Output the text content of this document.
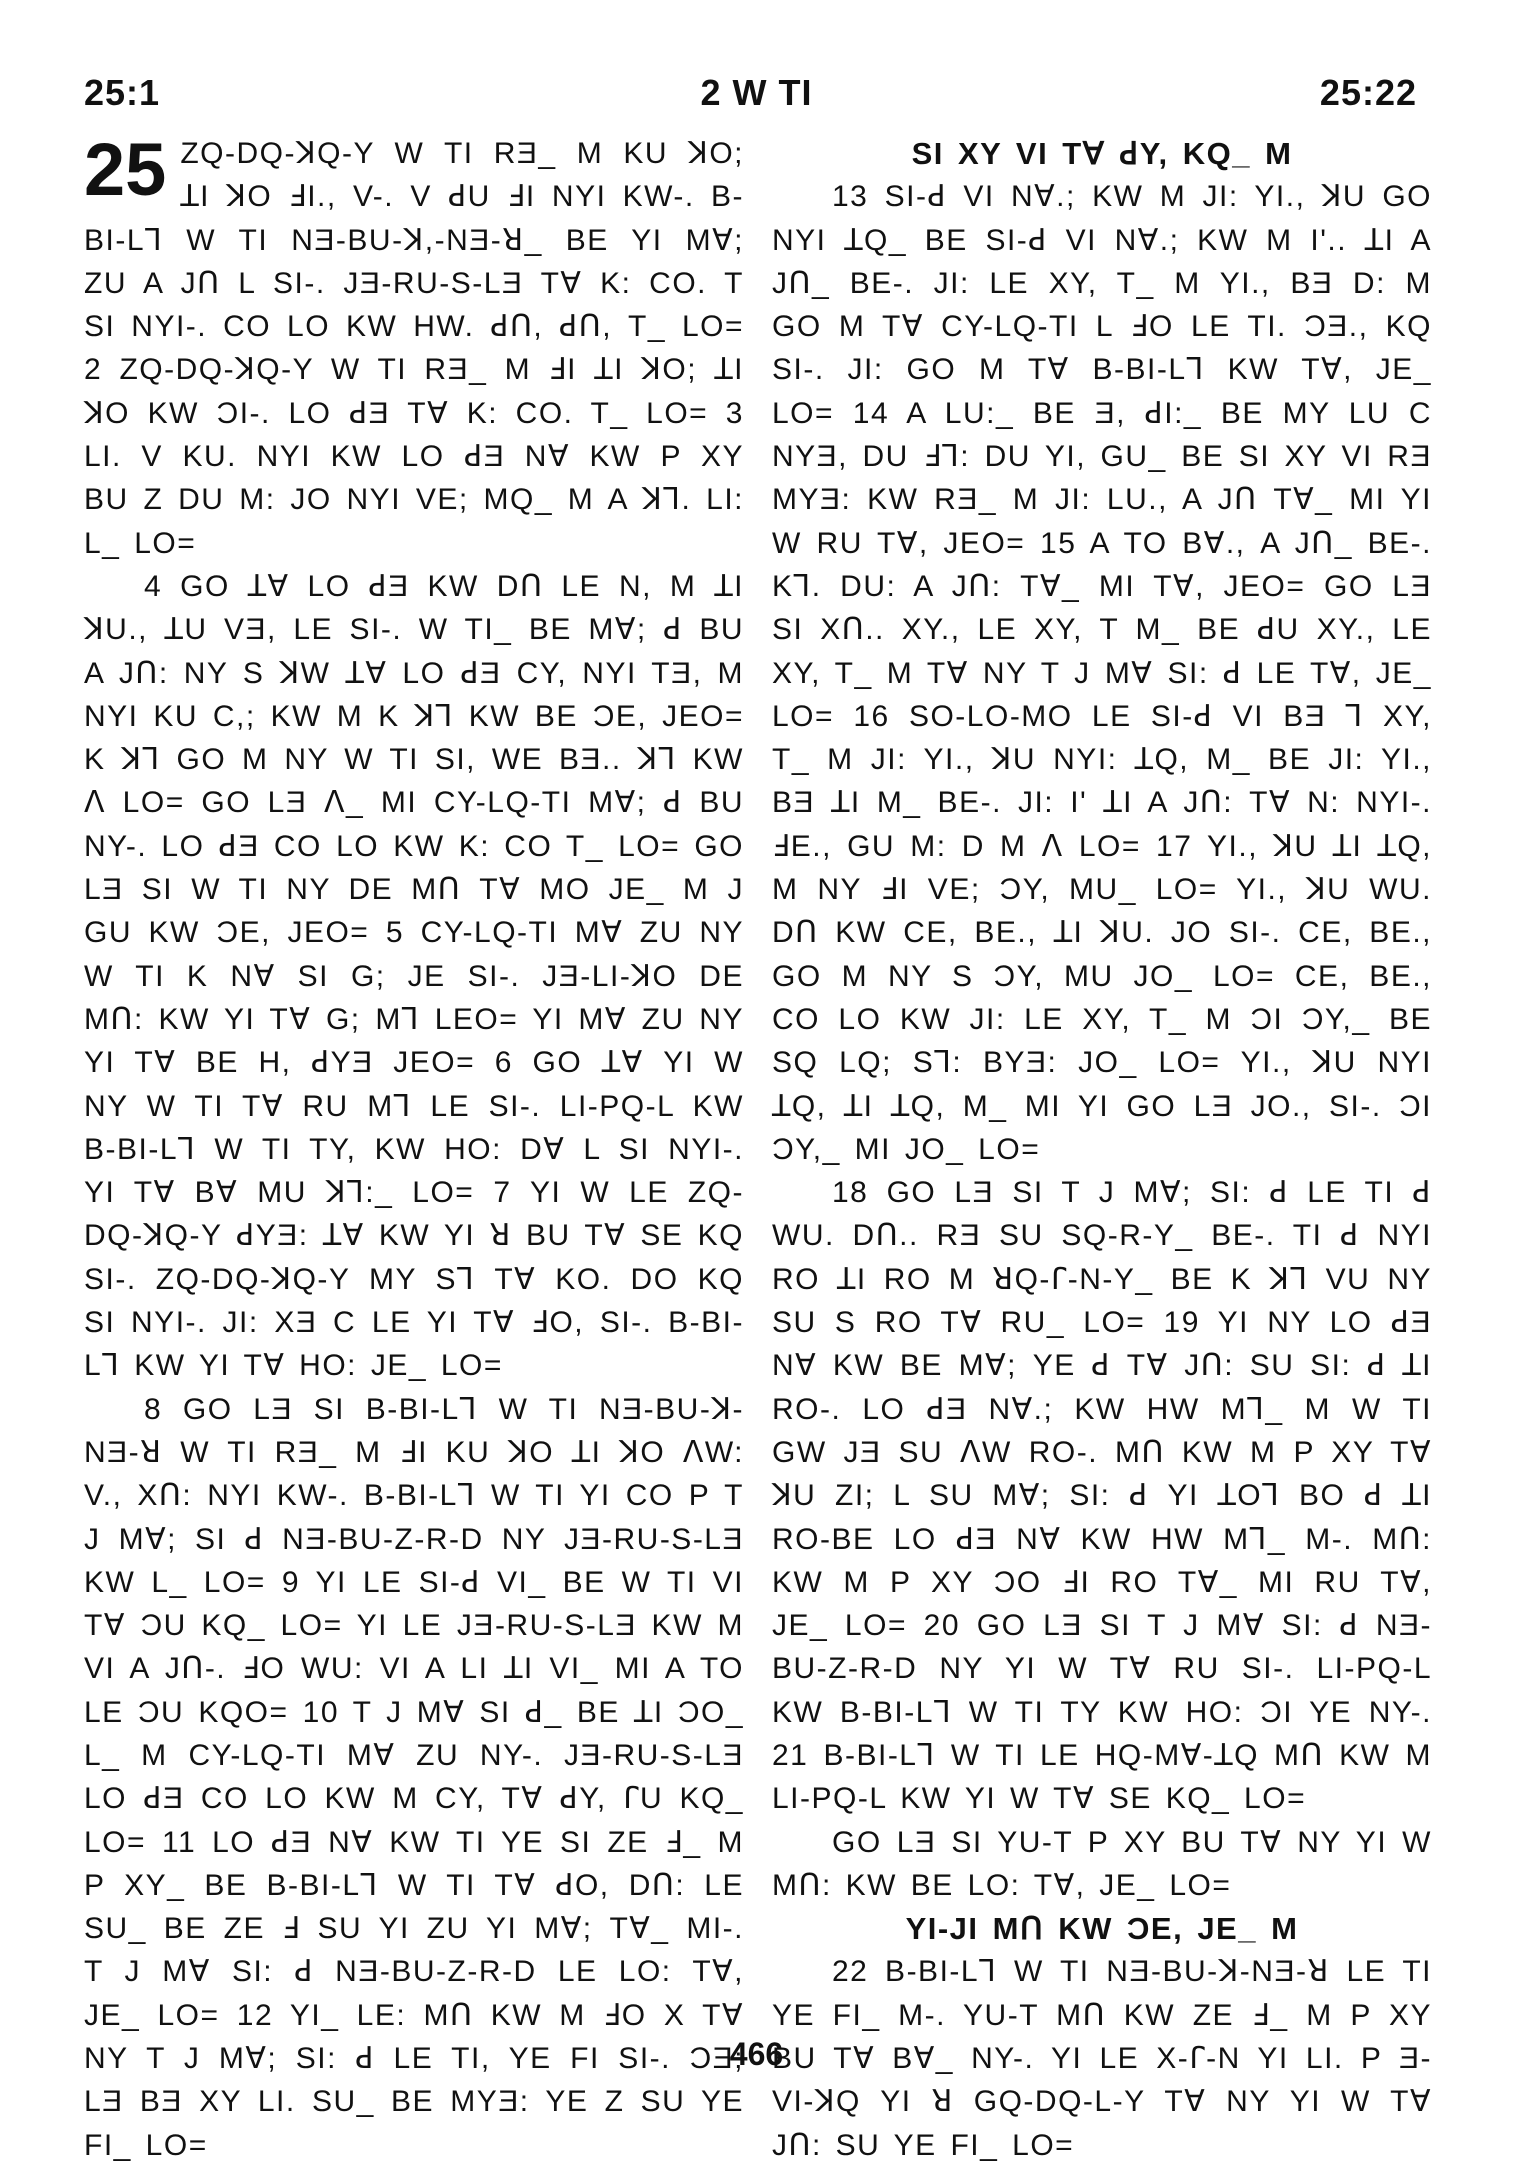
25:1	2 W TI	25:22

25 ZQ-DQ-ꓘQ-Y W TI RƎ_ M KU ꓘO; ꓕI ꓘO ꓞI., V-. V ꓒU ꓞI NYI KW-. B-BI-Lꓶ W TI NƎ-BU-ꓘ,-NƎ-ꓤ_ BE YI Mꓯ; ZU A Jꓵ L SI-. JƎ-RU-S-LƎ Tꓯ K: CO. T SI NYI-. CO LO KW HW. ꓒꓵ, ꓒꓵ, T_ LO= 2 ZQ-DQ-ꓘQ-Y W TI RƎ_ M ꓞI ꓕI ꓘO; ꓕI ꓘO KW ƆI-. LO ꓒƎ Tꓯ K: CO. T_ LO= 3 LI. V KU. NYI KW LO ꓒƎ Nꓯ KW P XY BU Z DU M: JO NYI VE; MQ_ M A ꓘꓶ. LI: L_ LO=

4 GO ꓕꓯ LO ꓒƎ KW Dꓵ LE N, M ꓕI ꓘU., ꓕU VƎ, LE SI-. W TI_ BE Mꓯ; ꓒ BU A Jꓵ: NY S ꓘW ꓕꓯ LO ꓒƎ CY, NYI TƎ, M NYI KU C,; KW M K ꓘꓶ KW BE ƆE, JEO= K ꓘꓶ GO M NY W TI SI, WE BƎ.. ꓘꓶ KW ꓥ LO= GO LƎ ꓥ_ MI CY-LQ-TI Mꓯ; ꓒ BU NY-. LO ꓒƎ CO LO KW K: CO T_ LO= GO LƎ SI W TI NY DE Mꓵ Tꓯ MO JE_ M J GU KW ƆE, JEO= 5 CY-LQ-TI Mꓯ ZU NY W TI K Nꓯ SI G; JE SI-. JƎ-LI-ꓘO DE Mꓵ: KW YI Tꓯ G; Mꓶ LEO= YI Mꓯ ZU NY YI Tꓯ BE H, ꓒYƎ JEO= 6 GO ꓕꓯ YI W NY W TI Tꓯ RU Mꓶ LE SI-. LI-PQ-L KW B-BI-Lꓶ W TI TY, KW HO: Dꓯ L SI NYI-. YI Tꓯ Bꓯ MU ꓘꓶ:_ LO= 7 YI W LE ZQ-DQ-ꓘQ-Y ꓒYƎ: ꓕꓯ KW YI ꓤ BU Tꓯ SE KQ SI-. ZQ-DQ-ꓘQ-Y MY Sꓶ Tꓯ KO. DO KQ SI NYI-. JI: XƎ C LE YI Tꓯ ꓞO, SI-. B-BI-Lꓶ KW YI Tꓯ HO: JE_ LO=

8 GO LƎ SI B-BI-Lꓶ W TI NƎ-BU-ꓘ-NƎ-ꓤ W TI RƎ_ M ꓞI KU ꓘO ꓕI ꓘO ꓥW: V., Xꓵ: NYI KW-. B-BI-Lꓶ W TI YI CO P T J Mꓯ; SI ꓒ NƎ-BU-Z-R-D NY JƎ-RU-S-LƎ KW L_ LO= 9 YI LE SI-ꓒ VI_ BE W TI VI Tꓯ ƆU KQ_ LO= YI LE JƎ-RU-S-LƎ KW M VI A Jꓵ-. ꓞO WU: VI A LI ꓕI VI_ MI A TO LE ƆU KQO= 10 T J Mꓯ SI ꓒ_ BE ꓕI ƆO_ L_ M CY-LQ-TI Mꓯ ZU NY-. JƎ-RU-S-LƎ LO ꓒƎ CO LO KW M CY, Tꓯ ꓒY, ꓩU KQ_ LO= 11 LO ꓒƎ Nꓯ KW TI YE SI ZE ꓞ_ M P XY_ BE B-BI-Lꓶ W TI Tꓯ ꓒO, Dꓵ: LE SU_ BE ZE ꓞ SU YI ZU YI Mꓯ; Tꓯ_ MI-. T J Mꓯ SI: ꓒ NƎ-BU-Z-R-D LE LO: Tꓯ, JE_ LO= 12 YI_ LE: Mꓵ KW M ꓞO X Tꓯ NY T J Mꓯ; SI: ꓒ LE TI, YE FI SI-. ƆƎ; LƎ BƎ XY LI. SU_ BE MYƎ: YE Z SU YE FI_ LO=

SI XY VI Tꓯ ꓒY, KQ_ M

13 SI-ꓒ VI Nꓯ.; KW M JI: YI., ꓘU GO NYI ꓕQ_ BE SI-ꓒ VI Nꓯ.; KW M I'.. ꓕI A Jꓵ_ BE-. JI: LE XY, T_ M YI., BƎ D: M GO M Tꓯ CY-LQ-TI L ꓞO LE TI. ƆƎ., KQ SI-. JI: GO M Tꓯ B-BI-Lꓶ KW Tꓯ, JE_ LO= 14 A LU:_ BE Ǝ, ꓒI:_ BE MY LU C NYƎ, DU ꓞꓶ: DU YI, GU_ BE SI XY VI RƎ MYƎ: KW RƎ_ M JI: LU., A Jꓵ Tꓯ_ MI YI W RU Tꓯ, JEO= 15 A TO Bꓯ., A Jꓵ_ BE-. Kꓶ. DU: A Jꓵ: Tꓯ_ MI Tꓯ, JEO= GO LƎ SI Xꓵ.. XY., LE XY, T M_ BE ꓒU XY., LE XY, T_ M Tꓯ NY T J Mꓯ SI: ꓒ LE Tꓯ, JE_ LO= 16 SO-LO-MO LE SI-ꓒ VI BƎ ꓶ XY, T_ M JI: YI., ꓘU NYI: ꓕQ, M_ BE JI: YI., BƎ ꓕI M_ BE-. JI: I' ꓕI A Jꓵ: Tꓯ N: NYI-. ꓞE., GU M: D M ꓥ LO= 17 YI., ꓘU ꓕI ꓕQ, M NY ꓞI VE; ƆY, MU_ LO= YI., ꓘU WU. Dꓵ KW CE, BE., ꓕI ꓘU. JO SI-. CE, BE., GO M NY S ƆY, MU JO_ LO= CE, BE., CO LO KW JI: LE XY, T_ M ƆI ƆY,_ BE SQ LQ; Sꓶ: BYƎ: JO_ LO= YI., ꓘU NYI ꓕQ, ꓕI ꓕQ, M_ MI YI GO LƎ JO., SI-. ƆI ƆY,_ MI JO_ LO=

18 GO LƎ SI T J Mꓯ; SI: ꓒ LE TI ꓒ WU. Dꓵ.. RƎ SU SQ-R-Y_ BE-. TI ꓒ NYI RO ꓕI RO M ꓤQ-ꓩ-N-Y_ BE K ꓘꓶ VU NY SU S RO Tꓯ RU_ LO= 19 YI NY LO ꓒƎ Nꓯ KW BE Mꓯ; YE ꓒ Tꓯ Jꓵ: SU SI: ꓒ ꓕI RO-. LO ꓒƎ Nꓯ.; KW HW Mꓶ_ M W TI GW JƎ SU ꓥW RO-. Mꓵ KW M P XY Tꓯ ꓘU ZI; L SU Mꓯ; SI: ꓒ YI ꓕOꓶ BO ꓒ ꓕI RO-BE LO ꓒƎ Nꓯ KW HW Mꓶ_ M-. Mꓵ: KW M P XY ƆO ꓞI RO Tꓯ_ MI RU Tꓯ, JE_ LO= 20 GO LƎ SI T J Mꓯ SI: ꓒ NƎ-BU-Z-R-D NY YI W Tꓯ RU SI-. LI-PQ-L KW B-BI-Lꓶ W TI TY KW HO: ƆI YE NY-. 21 B-BI-Lꓶ W TI LE HQ-Mꓯ-ꓕQ Mꓵ KW M LI-PQ-L KW YI W Tꓯ SE KQ_ LO=

GO LƎ SI YU-T P XY BU Tꓯ NY YI W Mꓵ: KW BE LO: Tꓯ, JE_ LO=

YI-JI Mꓵ KW ƆE, JE_ M

22 B-BI-Lꓶ W TI NƎ-BU-ꓘ-NƎ-ꓤ LE TI YE FI_ M-. YU-T Mꓵ KW ZE ꓞ_ M P XY BU Tꓯ Bꓯ_ NY-. YI LE X-ꓩ-N YI LI. P Ǝ-VI-ꓘQ YI ꓤ GQ-DQ-L-Y Tꓯ NY YI W Tꓯ Jꓵ: SU YE FI_ LO=

466
